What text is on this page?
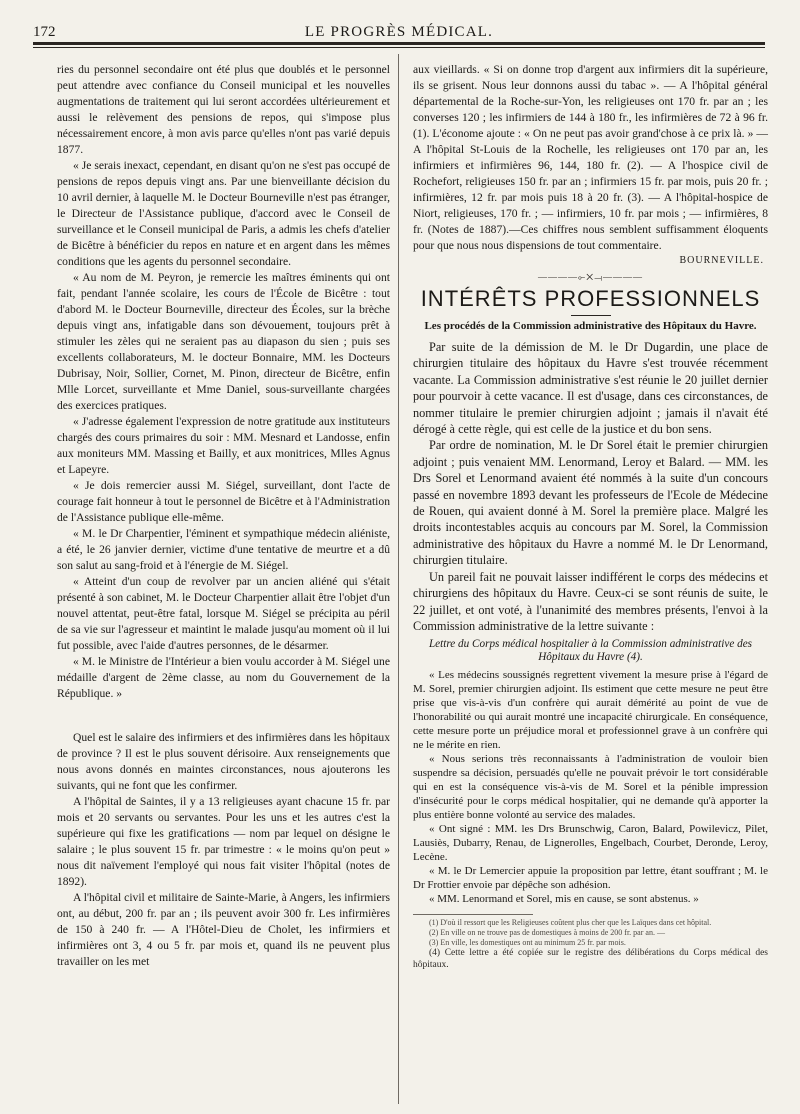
172	LE PROGRÈS MÉDICAL.

ries du personnel secondaire ont été plus que doublés et le personnel peut attendre avec confiance du Conseil municipal et les nouvelles augmentations de traitement qui lui seront accordées ultérieurement et aussi le relèvement des pensions de repos, qui s'impose plus nécessairement encore, à mon avis parce qu'elles n'ont pas varié depuis 1877.

« Je serais inexact, cependant, en disant qu'on ne s'est pas occupé de pensions de repos depuis vingt ans. Par une bienveillante décision du 10 avril dernier, à laquelle M. le Docteur Bourneville n'est pas étranger, le Directeur de l'Assistance publique, d'accord avec le Conseil de surveillance et le Conseil municipal de Paris, a admis les chefs d'atelier de Bicêtre à bénéficier du repos en nature et en argent dans les mêmes conditions que les agents du personnel secondaire.

« Au nom de M. Peyron, je remercie les maîtres éminents qui ont fait, pendant l'année scolaire, les cours de l'École de Bicêtre : tout d'abord M. le Docteur Bourneville, directeur des Écoles, sur la brèche depuis vingt ans, infatigable dans son dévouement, toujours prêt à stimuler les zèles qui ne seraient pas au diapason du sien ; puis ses excellents collaborateurs, M. le docteur Bonnaire, MM. les Docteurs Dubrisay, Noir, Sollier, Cornet, M. Pinon, directeur de Bicêtre, enfin Mlle Lorcet, surveillante et Mme Daniel, sous-surveillante chargées des exercices pratiques.

« J'adresse également l'expression de notre gratitude aux instituteurs chargés des cours primaires du soir : MM. Mesnard et Landosse, enfin aux moniteurs MM. Massing et Bailly, et aux monitrices, Mlles Agnus et Lapeyre.

« Je dois remercier aussi M. Siégel, surveillant, dont l'acte de courage fait honneur à tout le personnel de Bicêtre et à l'Administration de l'Assistance publique elle-même.

« M. le Dr Charpentier, l'éminent et sympathique médecin aliéniste, a été, le 26 janvier dernier, victime d'une tentative de meurtre et a dû son salut au sang-froid et à l'énergie de M. Siégel.

« Atteint d'un coup de revolver par un ancien aliéné qui s'était présenté à son cabinet, M. le Docteur Charpentier allait être l'objet d'un nouvel attentat, peut-être fatal, lorsque M. Siégel se précipita au péril de sa vie sur l'agresseur et maintint le malade jusqu'au moment où il lui fut possible, avec l'aide d'autres personnes, de le désarmer.

« M. le Ministre de l'Intérieur a bien voulu accorder à M. Siégel une médaille d'argent de 2ème classe, au nom du Gouvernement de la République. »

Quel est le salaire des infirmiers et des infirmières dans les hôpitaux de province ? Il est le plus souvent dérisoire. Aux renseignements que nous avons donnés en maintes circonstances, nous ajouterons les suivants, qui ne font que les confirmer.

A l'hôpital de Saintes, il y a 13 religieuses ayant chacune 15 fr. par mois et 20 servants ou servantes. Pour les uns et les autres c'est la supérieure qui fixe les gratifications — nom par lequel on désigne le salaire ; le plus souvent 15 fr. par trimestre : « le moins qu'on peut » nous dit naïvement l'employé qui nous fait visiter l'hôpital (notes de 1892).

A l'hôpital civil et militaire de Sainte-Marie, à Angers, les infirmiers ont, au début, 200 fr. par an ; ils peuvent avoir 300 fr. Les infirmières de 150 à 240 fr. — A l'Hôtel-Dieu de Cholet, les infirmiers et infirmières ont 3, 4 ou 5 fr. par mois et, quand ils ne peuvent plus travailler on les met

aux vieillards. « Si on donne trop d'argent aux infirmiers dit la supérieure, ils se grisent. Nous leur donnons aussi du tabac ». — A l'hôpital général départemental de la Roche-sur-Yon, les religieuses ont 170 fr. par an ; les converses 120 ; les infirmiers de 144 à 180 fr., les infirmières de 72 à 96 fr. (1). L'économe ajoute : « On ne peut pas avoir grand'chose à ce prix là. » — A l'hôpital St-Louis de la Rochelle, les religieuses ont 170 par an, les infirmiers et infirmières 96, 144, 180 fr. (2). — A l'hospice civil de Rochefort, religieuses 150 fr. par an ; infirmiers 15 fr. par mois, puis 20 fr. ; infirmières, 12 fr. par mois puis 18 à 20 fr. (3). — A l'hôpital-hospice de Niort, religieuses, 170 fr. ; — infirmiers, 10 fr. par mois ; — infirmières, 8 fr. (Notes de 1887).—Ces chiffres nous semblent suffisamment éloquents pour que nous nous dispensions de tout commentaire.

BOURNEVILLE.

————⟜✕⟞————
INTÉRÊTS PROFESSIONNELS
Les procédés de la Commission administrative des Hôpitaux du Havre.

Par suite de la démission de M. le Dr Dugardin, une place de chirurgien titulaire des hôpitaux du Havre s'est trouvée récemment vacante. La Commission administrative s'est réunie le 20 juillet dernier pour pourvoir à cette vacance. Il est d'usage, dans ces circonstances, de nommer titulaire le premier chirurgien adjoint ; jamais il n'avait été dérogé à cette règle, qui est celle de la justice et du bon sens.

Par ordre de nomination, M. le Dr Sorel était le premier chirurgien adjoint ; puis venaient MM. Lenormand, Leroy et Balard. — MM. les Drs Sorel et Lenormand avaient été nommés à la suite d'un concours passé en novembre 1893 devant les professeurs de l'Ecole de Médecine de Rouen, qui avaient donné à M. Sorel la première place. Malgré les droits incontestables acquis au concours par M. Sorel, la Commission administrative des hôpitaux du Havre a nommé M. le Dr Lenormand, chirurgien titulaire.

Un pareil fait ne pouvait laisser indifférent le corps des médecins et chirurgiens des hôpitaux du Havre. Ceux-ci se sont réunis de suite, le 22 juillet, et ont voté, à l'unanimité des membres présents, l'envoi à la Commission administrative de la lettre suivante :

Lettre du Corps médical hospitalier à la Commission administrative des Hôpitaux du Havre (4).

« Les médecins soussignés regrettent vivement la mesure prise à l'égard de M. Sorel, premier chirurgien adjoint. Ils estiment que cette mesure ne peut être prise que vis-à-vis d'un confrère qui aurait démérité au point de vue de l'honorabilité ou qui aurait montré une incapacité chirurgicale. En conséquence, cette mesure porte un préjudice moral et professionnel grave à un confrère qui ne le mérite en rien.

« Nous serions très reconnaissants à l'administration de vouloir bien suspendre sa décision, persuadés qu'elle ne pouvait prévoir le tort considérable qui en est la conséquence vis-à-vis de M. Sorel et la pénible impression d'insécurité pour le corps médical hospitalier, qui ne demande qu'à apporter la plus entière bonne volonté au service des malades.

« Ont signé : MM. les Drs Brunschwig, Caron, Balard, Powilevicz, Pilet, Lausiès, Dubarry, Renau, de Lignerolles, Engelbach, Courbet, Deronde, Leroy, Lecène.

« M. le Dr Lemercier appuie la proposition par lettre, étant souffrant ; M. le Dr Frottier envoie par dépêche son adhésion.

« MM. Lenormand et Sorel, mis en cause, se sont abstenus. »

(1) D'où il ressort que les Religieuses coûtent plus cher que les Laïques dans cet hôpital.

(2) En ville on ne trouve pas de domestiques à moins de 200 fr. par an. —

(3) En ville, les domestiques ont au minimum 25 fr. par mois.

(4) Cette lettre a été copiée sur le registre des délibérations du Corps médical des hôpitaux.
